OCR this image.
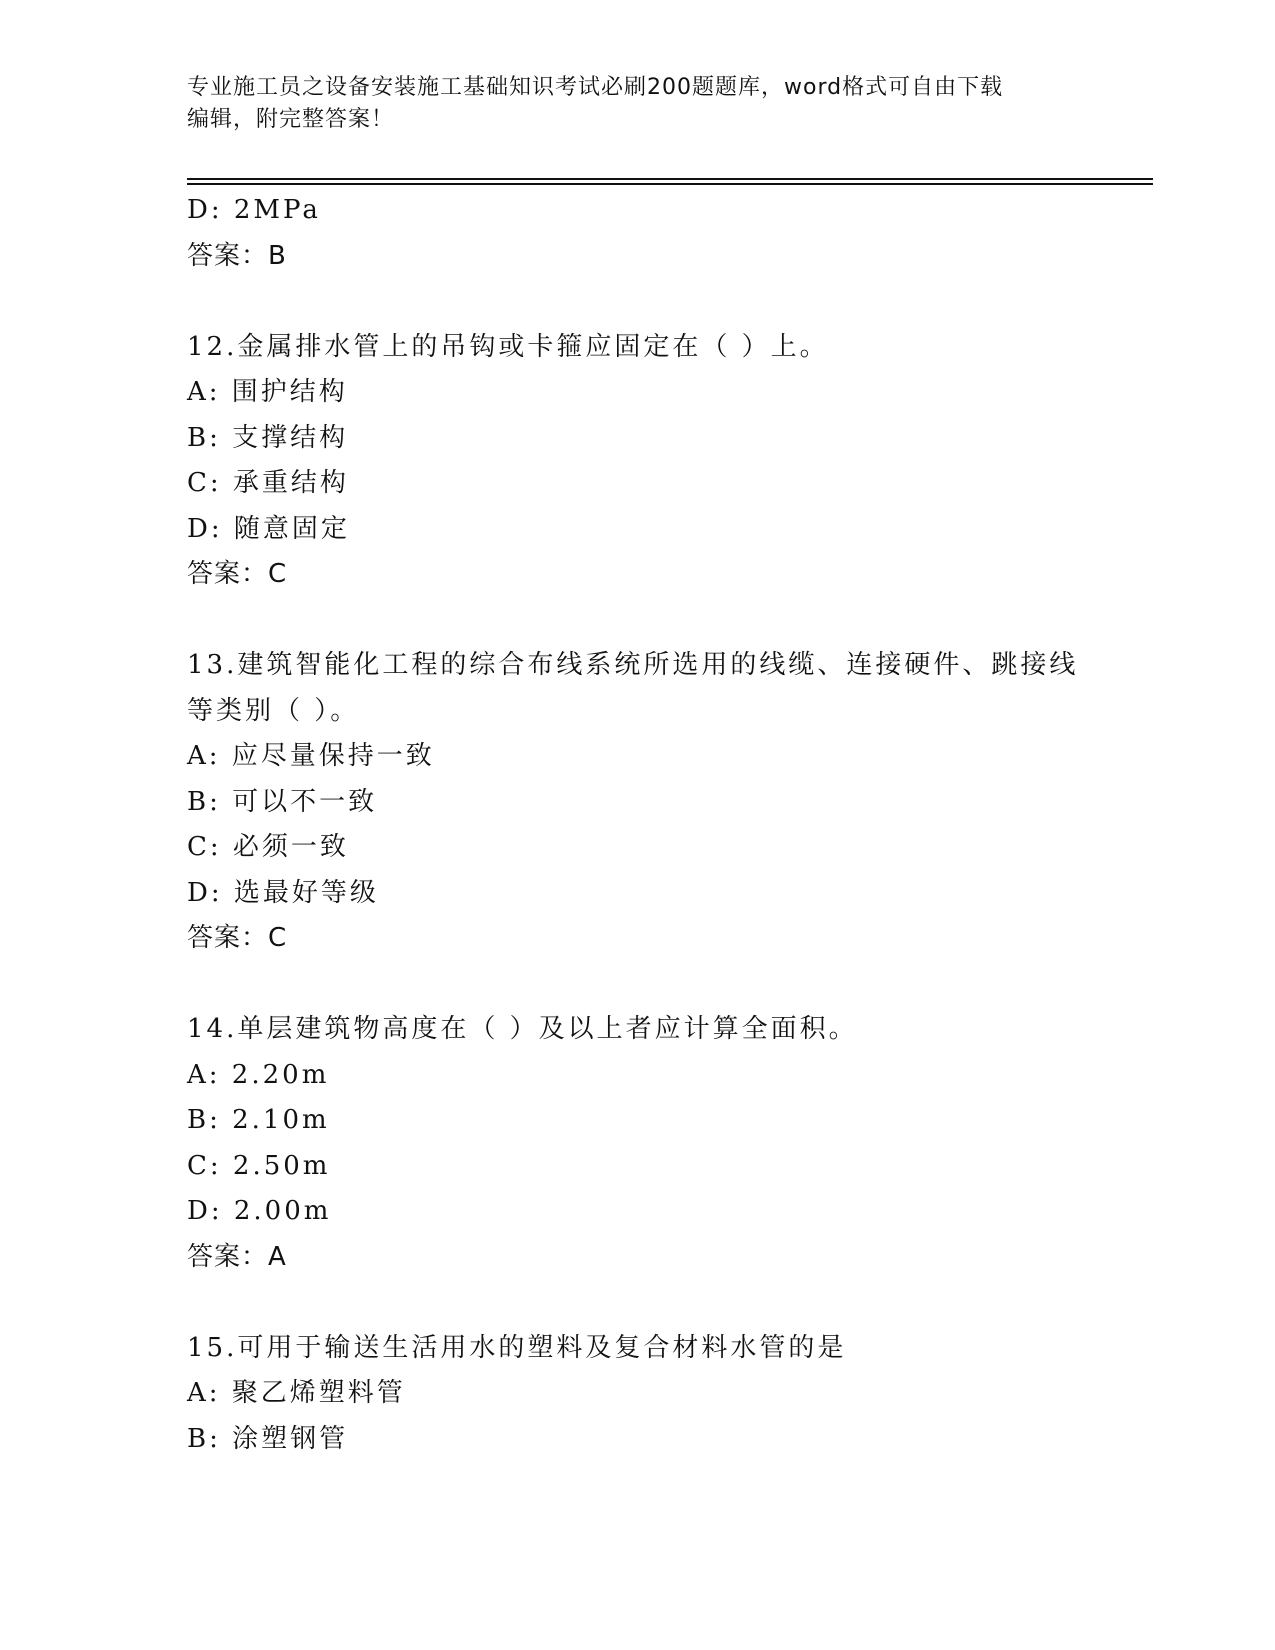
专业施工员之设备安装施工基础知识考试必刷200题题库，word格式可自由下载
编辑，附完整答案！
D: 2MPa
答案：B
12.金属排水管上的吊钩或卡箍应固定在（ ）上。
A: 围护结构
B: 支撑结构
C: 承重结构
D: 随意固定
答案：C
13.建筑智能化工程的综合布线系统所选用的线缆、连接硬件、跳接线
等类别（ ）。
A: 应尽量保持一致
B: 可以不一致
C: 必须一致
D: 选最好等级
答案：C
14.单层建筑物高度在（ ）及以上者应计算全面积。
A: 2.20m
B: 2.10m
C: 2.50m
D: 2.00m
答案：A
15.可用于输送生活用水的塑料及复合材料水管的是
A: 聚乙烯塑料管
B: 涂塑钢管
